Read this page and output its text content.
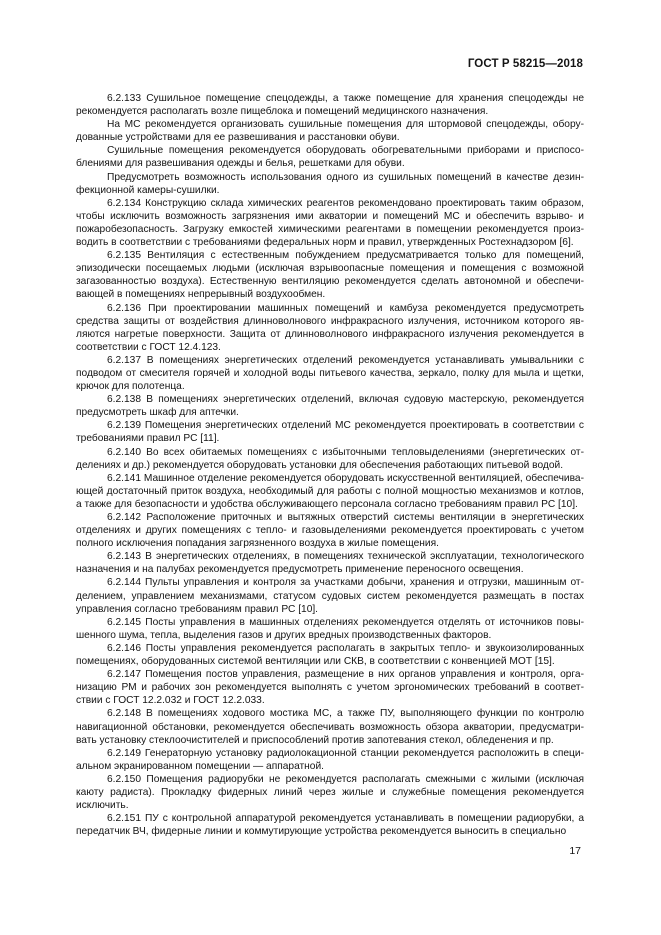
ГОСТ Р 58215—2018

6.2.133 Сушильное помещение спецодежды, а также помещение для хранения спецодежды не рекомендуется располагать возле пищеблока и помещений медицинского назначения.

На МС рекомендуется организовать сушильные помещения для штормовой спецодежды, оборудованные устройствами для ее развешивания и расстановки обуви.

Сушильные помещения рекомендуется оборудовать обогревательными приборами и приспособлениями для развешивания одежды и белья, решетками для обуви.

Предусмотреть возможность использования одного из сушильных помещений в качестве дезинфекционной камеры-сушилки.

6.2.134 Конструкцию склада химических реагентов рекомендовано проектировать таким образом, чтобы исключить возможность загрязнения ими акватории и помещений МС и обеспечить взрыво- и пожаробезопасность. Загрузку емкостей химическими реагентами в помещении рекомендуется производить в соответствии с требованиями федеральных норм и правил, утвержденных Ростехнадзором [6].

6.2.135 Вентиляция с естественным побуждением предусматривается только для помещений, эпизодически посещаемых людьми (исключая взрывоопасные помещения и помещения с возможной загазованностью воздуха). Естественную вентиляцию рекомендуется сделать автономной и обеспечивающей в помещениях непрерывный воздухообмен.

6.2.136 При проектировании машинных помещений и камбуза рекомендуется предусмотреть средства защиты от воздействия длинноволнового инфракрасного излучения, источником которого являются нагретые поверхности. Защита от длинноволнового инфракрасного излучения рекомендуется в соответствии с ГОСТ 12.4.123.

6.2.137 В помещениях энергетических отделений рекомендуется устанавливать умывальники с подводом от смесителя горячей и холодной воды питьевого качества, зеркало, полку для мыла и щетки, крючок для полотенца.

6.2.138 В помещениях энергетических отделений, включая судовую мастерскую, рекомендуется предусмотреть шкаф для аптечки.

6.2.139 Помещения энергетических отделений МС рекомендуется проектировать в соответствии с требованиями правил РС [11].

6.2.140 Во всех обитаемых помещениях с избыточными тепловыделениями (энергетических отделениях и др.) рекомендуется оборудовать установки для обеспечения работающих питьевой водой.

6.2.141 Машинное отделение рекомендуется оборудовать искусственной вентиляцией, обеспечивающей достаточный приток воздуха, необходимый для работы с полной мощностью механизмов и котлов, а также для безопасности и удобства обслуживающего персонала согласно требованиям правил РС [10].

6.2.142 Расположение приточных и вытяжных отверстий системы вентиляции в энергетических отделениях и других помещениях с тепло- и газовыделениями рекомендуется проектировать с учетом полного исключения попадания загрязненного воздуха в жилые помещения.

6.2.143 В энергетических отделениях, в помещениях технической эксплуатации, технологического назначения и на палубах рекомендуется предусмотреть применение переносного освещения.

6.2.144 Пульты управления и контроля за участками добычи, хранения и отгрузки, машинным отделением, управлением механизмами, статусом судовых систем рекомендуется размещать в постах управления согласно требованиям правил РС [10].

6.2.145 Посты управления в машинных отделениях рекомендуется отделять от источников повышенного шума, тепла, выделения газов и других вредных производственных факторов.

6.2.146 Посты управления рекомендуется располагать в закрытых тепло- и звукоизолированных помещениях, оборудованных системой вентиляции или СКВ, в соответствии с конвенцией МОТ [15].

6.2.147 Помещения постов управления, размещение в них органов управления и контроля, организацию РМ и рабочих зон рекомендуется выполнять с учетом эргономических требований в соответствии с ГОСТ 12.2.032 и ГОСТ 12.2.033.

6.2.148 В помещениях ходового мостика МС, а также ПУ, выполняющего функции по контролю навигационной обстановки, рекомендуется обеспечивать возможность обзора акватории, предусматривать установку стеклоочистителей и приспособлений против запотевания стекол, обледенения и пр.

6.2.149 Генераторную установку радиолокационной станции рекомендуется расположить в специальном экранированном помещении — аппаратной.

6.2.150 Помещения радиорубки не рекомендуется располагать смежными с жилыми (исключая каюту радиста). Прокладку фидерных линий через жилые и служебные помещения рекомендуется исключить.

6.2.151 ПУ с контрольной аппаратурой рекомендуется устанавливать в помещении радиорубки, а передатчик ВЧ, фидерные линии и коммутирующие устройства рекомендуется выносить в специально

17
